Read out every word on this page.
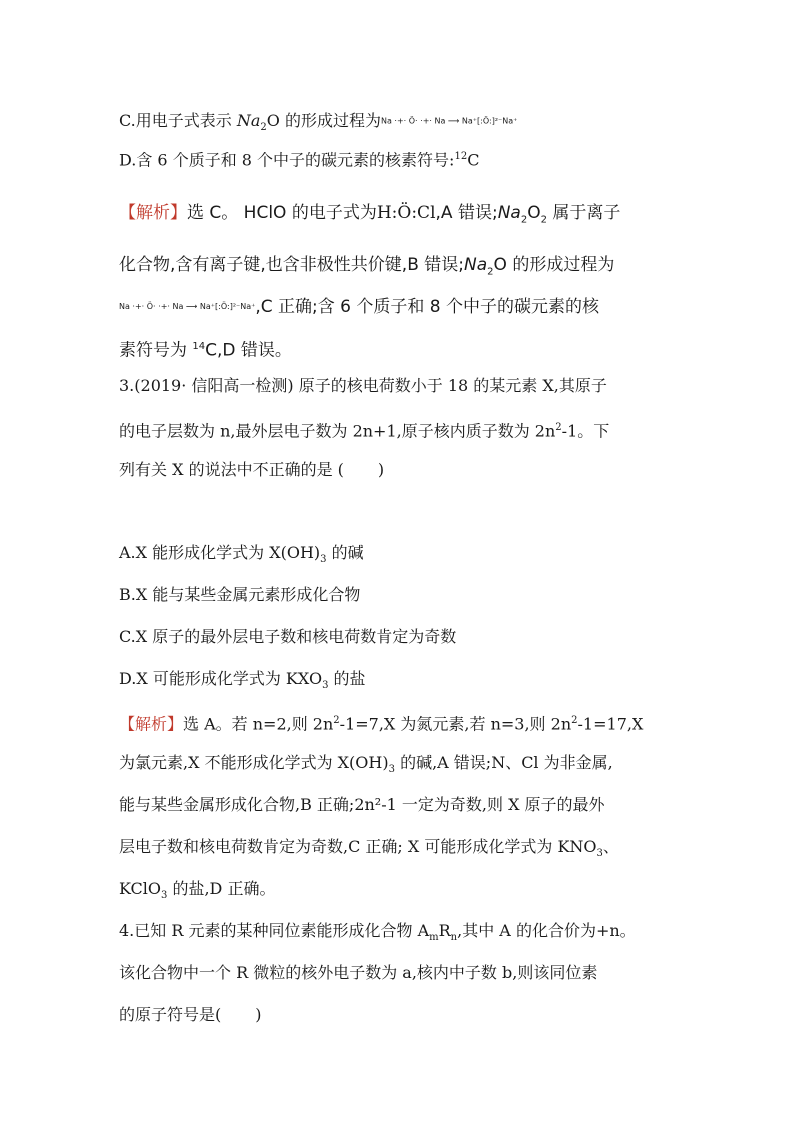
C.用电子式表示 $Na_2O$ 的形成过程为Na ·+· Ö· ·+· Na ⟶ Na⁺[:Ö:]²⁻Na⁺
D.含 6 个质子和 8 个中子的碳元素的核素符号:$^{12}$C
【解析】选 C。 HClO 的电子式为H:Ö:Cl,A 错误$;Na_2O_2$ 属于离子
化合物,含有离子键,也含非极性共价键,B 错误$;Na_2O$ 的形成过程为
Na ·+· Ö· ·+· Na ⟶ Na⁺[:Ö:]²⁻Na⁺,C 正确;含 6 个质子和 8 个中子的碳元素的核
素符号为 $^{14}$C,D 错误。
3.(2019· 信阳高一检测) 原子的核电荷数小于 18 的某元素 X,其原子
的电子层数为 n,最外层电子数为 2n+1,原子核内质子数为 $2n^2-1$。下
列有关 X 的说法中不正确的是 ( )
A.X 能形成化学式为 $X(OH)_3$ 的碱
B.X 能与某些金属元素形成化合物
C.X 原子的最外层电子数和核电荷数肯定为奇数
D.X 可能形成化学式为 $KXO_3$ 的盐
【解析】选 A。若 n=2,则 $2n^2-1=7,X$ 为氮元素,若 n=3,则 $2n^2-1=17,X$
为氯元素,X 不能形成化学式为 $X(OH)_3$ 的碱,A 错误;N、Cl 为非金属,
能与某些金属形成化合物,B 正确;2n²-1 一定为奇数,则 X 原子的最外
层电子数和核电荷数肯定为奇数,C 正确; X 可能形成化学式为 $KNO_3$、
KClO$_3$ 的盐,D 正确。
4.已知 R 元素的某种同位素能形成化合物 $A_mR_n$,其中 A 的化合价为+n。
该化合物中一个 R 微粒的核外电子数为 a,核内中子数 b,则该同位素
的原子符号是( )
